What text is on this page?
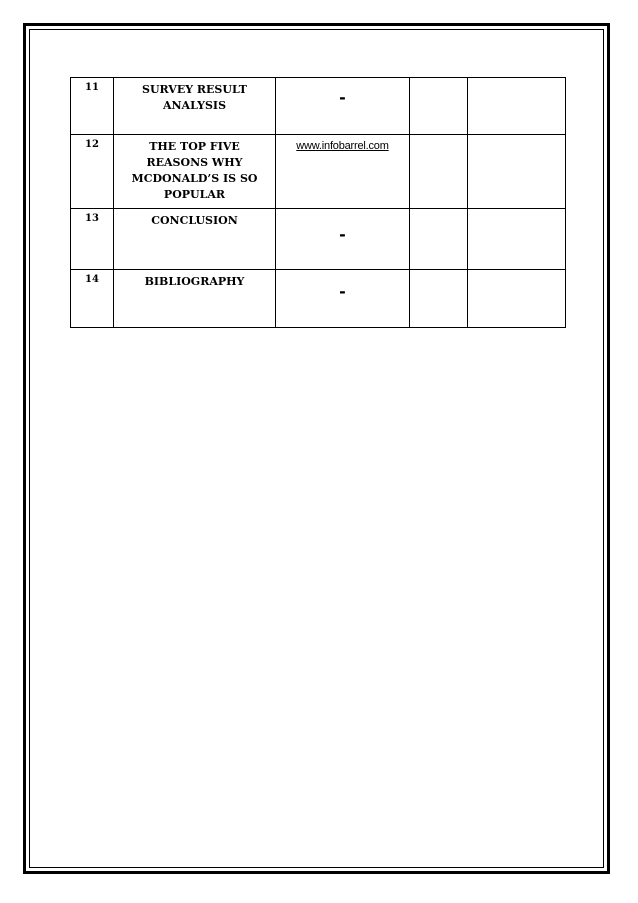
11	SURVEY RESULT ANALYSIS	-		

12	THE TOP FIVE REASONS WHY MCDONALD’S IS SO POPULAR	www.infobarrel.com		
13	CONCLUSION	-		

14	BIBLIOGRAPHY	-		
